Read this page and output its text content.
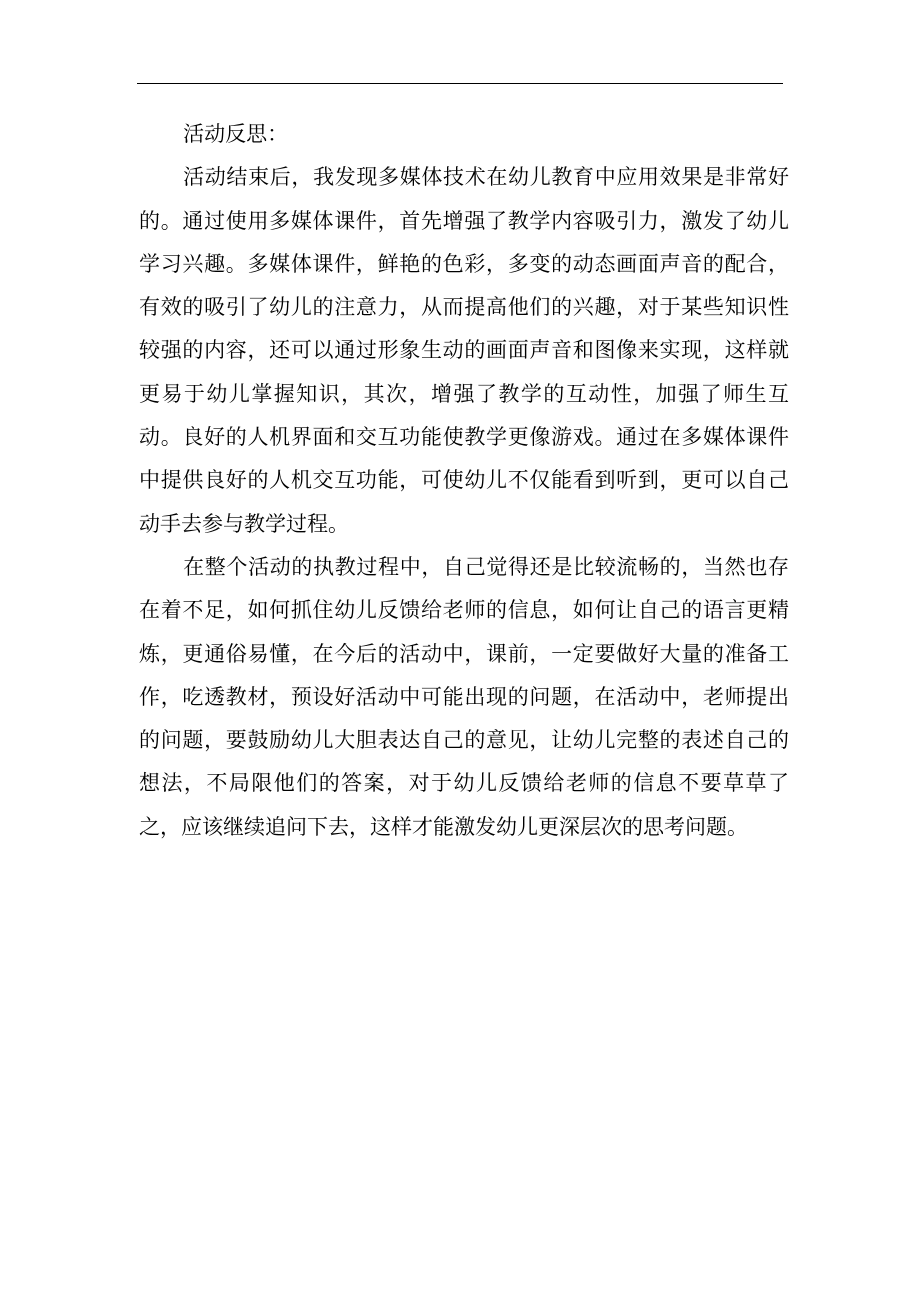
活动反思：

活动结束后，我发现多媒体技术在幼儿教育中应用效果是非常好的。通过使用多媒体课件，首先增强了教学内容吸引力，激发了幼儿学习兴趣。多媒体课件，鲜艳的色彩，多变的动态画面声音的配合，有效的吸引了幼儿的注意力，从而提高他们的兴趣，对于某些知识性较强的内容，还可以通过形象生动的画面声音和图像来实现，这样就更易于幼儿掌握知识，其次，增强了教学的互动性，加强了师生互动。良好的人机界面和交互功能使教学更像游戏。通过在多媒体课件中提供良好的人机交互功能，可使幼儿不仅能看到听到，更可以自己动手去参与教学过程。

在整个活动的执教过程中，自己觉得还是比较流畅的，当然也存在着不足，如何抓住幼儿反馈给老师的信息，如何让自己的语言更精炼，更通俗易懂，在今后的活动中，课前，一定要做好大量的准备工作，吃透教材，预设好活动中可能出现的问题，在活动中，老师提出的问题，要鼓励幼儿大胆表达自己的意见，让幼儿完整的表述自己的想法，不局限他们的答案，对于幼儿反馈给老师的信息不要草草了之，应该继续追问下去，这样才能激发幼儿更深层次的思考问题。
